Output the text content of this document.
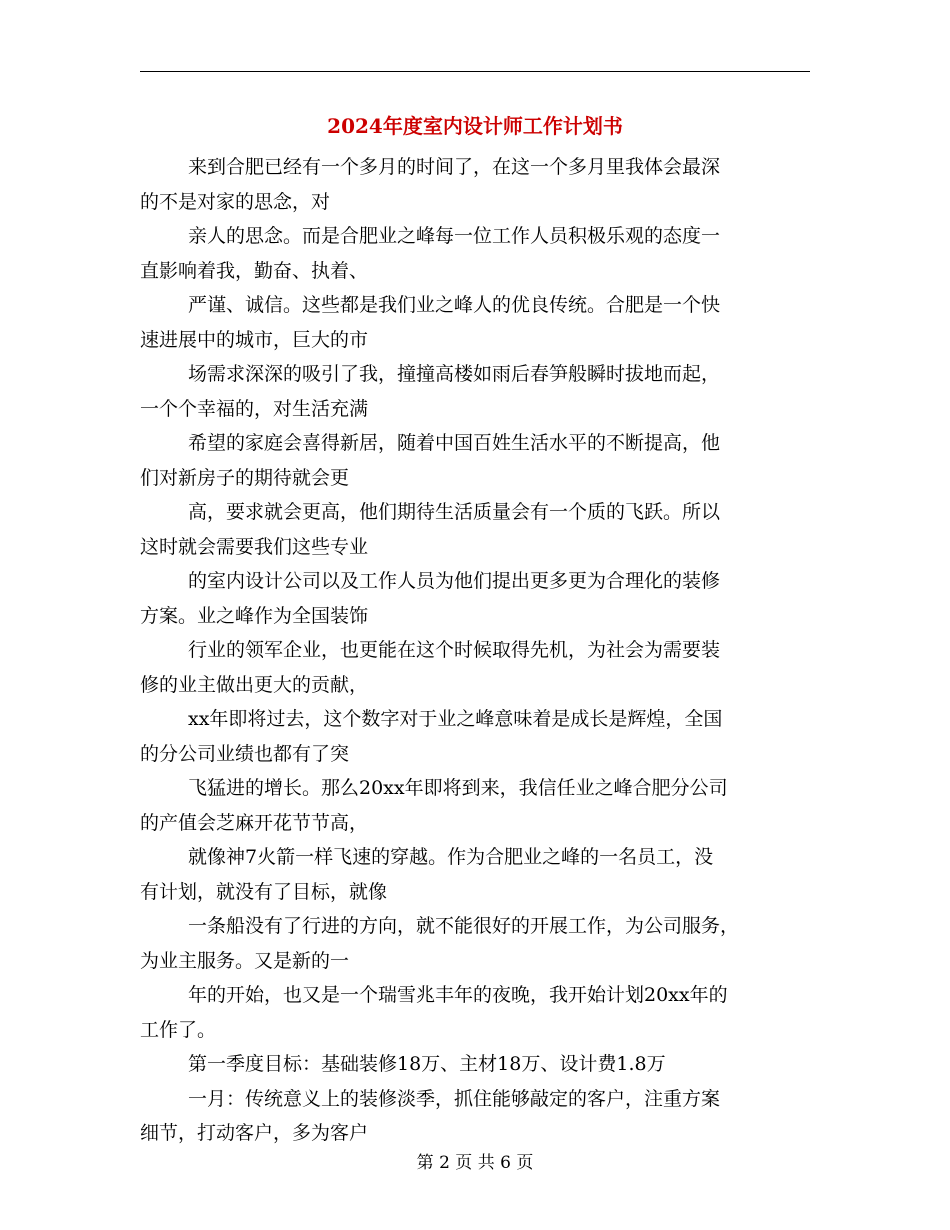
2024年度室内设计师工作计划书
来到合肥已经有一个多月的时间了，在这一个多月里我体会最深
的不是对家的思念，对
亲人的思念。而是合肥业之峰每一位工作人员积极乐观的态度一
直影响着我，勤奋、执着、
严谨、诚信。这些都是我们业之峰人的优良传统。合肥是一个快
速进展中的城市，巨大的市
场需求深深的吸引了我，撞撞高楼如雨后春笋般瞬时拔地而起，
一个个幸福的，对生活充满
希望的家庭会喜得新居，随着中国百姓生活水平的不断提高，他
们对新房子的期待就会更
高，要求就会更高，他们期待生活质量会有一个质的飞跃。所以
这时就会需要我们这些专业
的室内设计公司以及工作人员为他们提出更多更为合理化的装修
方案。业之峰作为全国装饰
行业的领军企业，也更能在这个时候取得先机，为社会为需要装
修的业主做出更大的贡献，
xx年即将过去，这个数字对于业之峰意味着是成长是辉煌，全国
的分公司业绩也都有了突
飞猛进的增长。那么20xx年即将到来，我信任业之峰合肥分公司
的产值会芝麻开花节节高，
就像神7火箭一样飞速的穿越。作为合肥业之峰的一名员工，没
有计划，就没有了目标，就像
一条船没有了行进的方向，就不能很好的开展工作，为公司服务，
为业主服务。又是新的一
年的开始，也又是一个瑞雪兆丰年的夜晚，我开始计划20xx年的
工作了。
第一季度目标：基础装修18万、主材18万、设计费1.8万
一月：传统意义上的装修淡季，抓住能够敲定的客户，注重方案
细节，打动客户，多为客户
第 2 页 共 6 页
